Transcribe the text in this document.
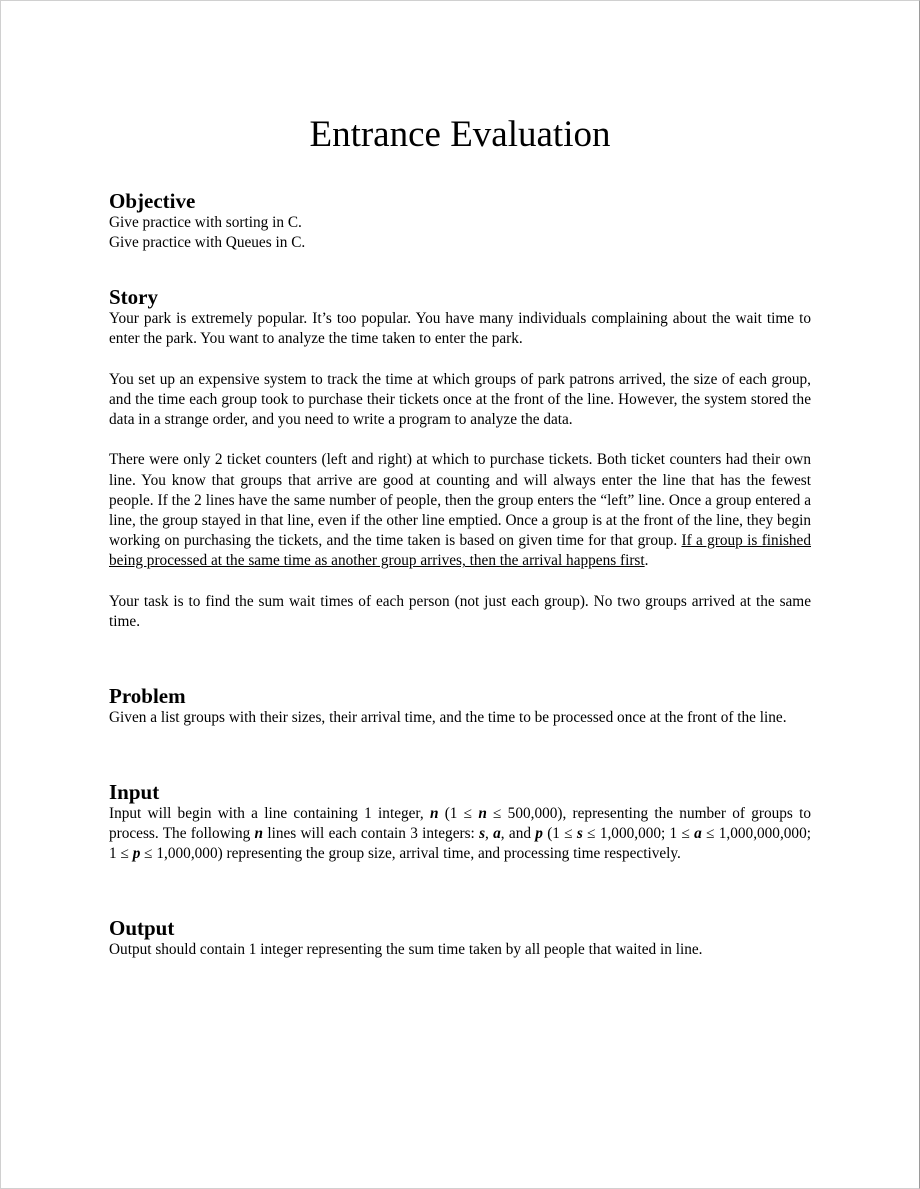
Entrance Evaluation
Objective

Give practice with sorting in C.
Give practice with Queues in C.

Story

Your park is extremely popular. It’s too popular. You have many individuals complaining about the wait time to enter the park. You want to analyze the time taken to enter the park.

You set up an expensive system to track the time at which groups of park patrons arrived, the size of each group, and the time each group took to purchase their tickets once at the front of the line. However, the system stored the data in a strange order, and you need to write a program to analyze the data.

There were only 2 ticket counters (left and right) at which to purchase tickets. Both ticket counters had their own line. You know that groups that arrive are good at counting and will always enter the line that has the fewest people. If the 2 lines have the same number of people, then the group enters the “left” line. Once a group entered a line, the group stayed in that line, even if the other line emptied. Once a group is at the front of the line, they begin working on purchasing the tickets, and the time taken is based on given time for that group. If a group is finished being processed at the same time as another group arrives, then the arrival happens first.

Your task is to find the sum wait times of each person (not just each group). No two groups arrived at the same time.

Problem

Given a list groups with their sizes, their arrival time, and the time to be processed once at the front of the line.

Input

Input will begin with a line containing 1 integer, n (1 ≤ n ≤ 500,000), representing the number of groups to process. The following n lines will each contain 3 integers: s, a, and p (1 ≤ s ≤ 1,000,000; 1 ≤ a ≤ 1,000,000,000; 1 ≤ p ≤ 1,000,000) representing the group size, arrival time, and processing time respectively.

Output

Output should contain 1 integer representing the sum time taken by all people that waited in line.
